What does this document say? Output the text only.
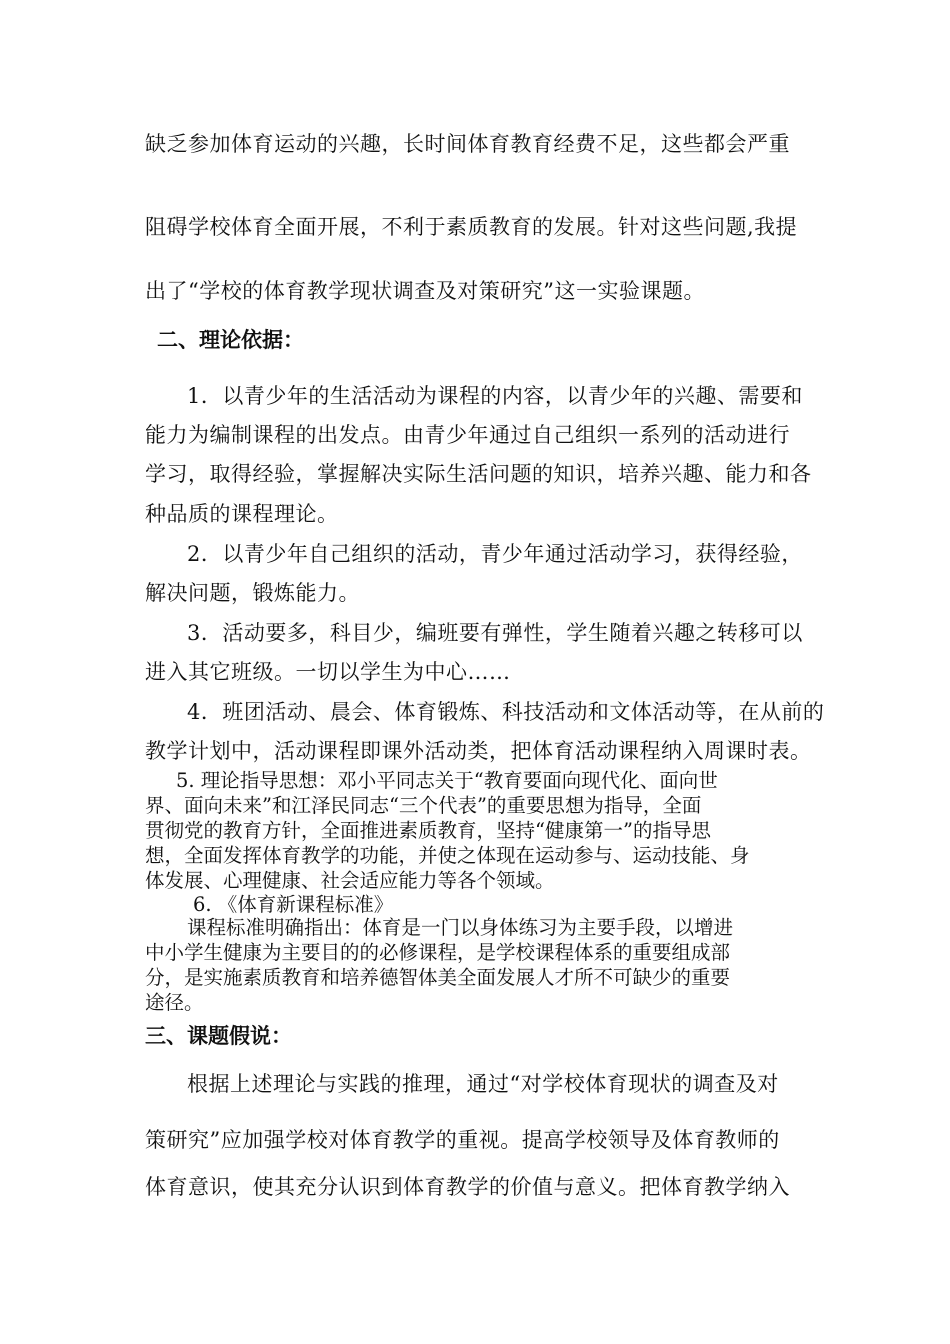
缺乏参加体育运动的兴趣，长时间体育教育经费不足，这些都会严重
阻碍学校体育全面开展，不利于素质教育的发展。针对这些问题,我提
出了“学校的体育教学现状调查及对策研究”这一实验课题。
二、理论依据：
1．以青少年的生活活动为课程的内容，以青少年的兴趣、需要和
能力为编制课程的出发点。由青少年通过自己组织一系列的活动进行
学习，取得经验，掌握解决实际生活问题的知识，培养兴趣、能力和各
种品质的课程理论。
2．以青少年自己组织的活动，青少年通过活动学习，获得经验，
解决问题，锻炼能力。
3．活动要多，科目少，编班要有弹性，学生随着兴趣之转移可以
进入其它班级。一切以学生为中心……
4．班团活动、晨会、体育锻炼、科技活动和文体活动等，在从前的
教学计划中，活动课程即课外活动类，把体育活动课程纳入周课时表。
5. 理论指导思想：邓小平同志关于“教育要面向现代化、面向世
界、面向未来”和江泽民同志“三个代表”的重要思想为指导，全面
贯彻党的教育方针，全面推进素质教育，坚持“健康第一”的指导思
想，全面发挥体育教学的功能，并使之体现在运动参与、运动技能、身
体发展、心理健康、社会适应能力等各个领域。
6. 《体育新课程标准》
课程标准明确指出：体育是一门以身体练习为主要手段，以增进
中小学生健康为主要目的的必修课程，是学校课程体系的重要组成部
分，是实施素质教育和培养德智体美全面发展人才所不可缺少的重要
途径。
三、课题假说：
根据上述理论与实践的推理，通过“对学校体育现状的调查及对
策研究”应加强学校对体育教学的重视。提高学校领导及体育教师的
体育意识，使其充分认识到体育教学的价值与意义。把体育教学纳入
